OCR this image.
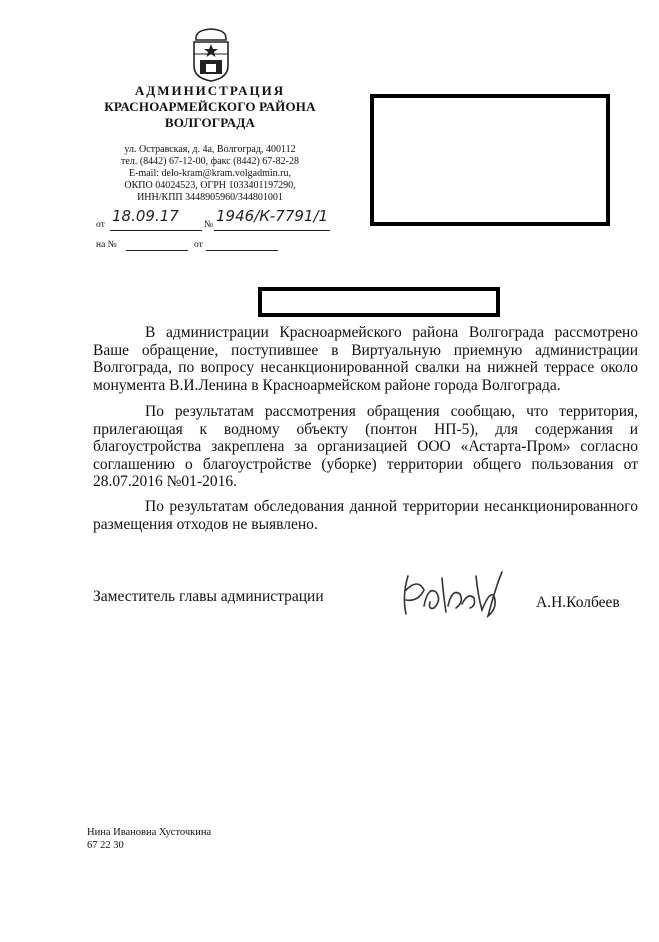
АДМИНИСТРАЦИЯ
КРАСНОАРМЕЙСКОГО РАЙОНА
ВОЛГОГРАДА
ул. Остравская, д. 4а, Волгоград, 400112
тел. (8442) 67-12-00, факс (8442) 67-82-28
E-mail: delo-kram@kram.volgadmin.ru,
ОКПО 04024523, ОГРН 1033401197290,
ИНН/КПП 3448905960/344801001
от 18.09.17	№ 1946/К-7791/1
на №	от
В администрации Красноармейского района Волгограда рассмотрено Ваше обращение, поступившее в Виртуальную приемную администрации Волгограда, по вопросу несанкционированной свалки на нижней террасе около монумента В.И.Ленина в Красноармейском районе города Волгограда.
По результатам рассмотрения обращения сообщаю, что территория, прилегающая к водному объекту (понтон НП-5), для содержания и благоустройства закреплена за организацией ООО «Астарта-Пром» согласно соглашению о благоустройстве (уборке) территории общего пользования от 28.07.2016 №01-2016.
По результатам обследования данной территории несанкционированного размещения отходов не выявлено.
Заместитель главы администрации	А.Н.Колбеев
Нина Ивановна Хусточкина
67 22 30
